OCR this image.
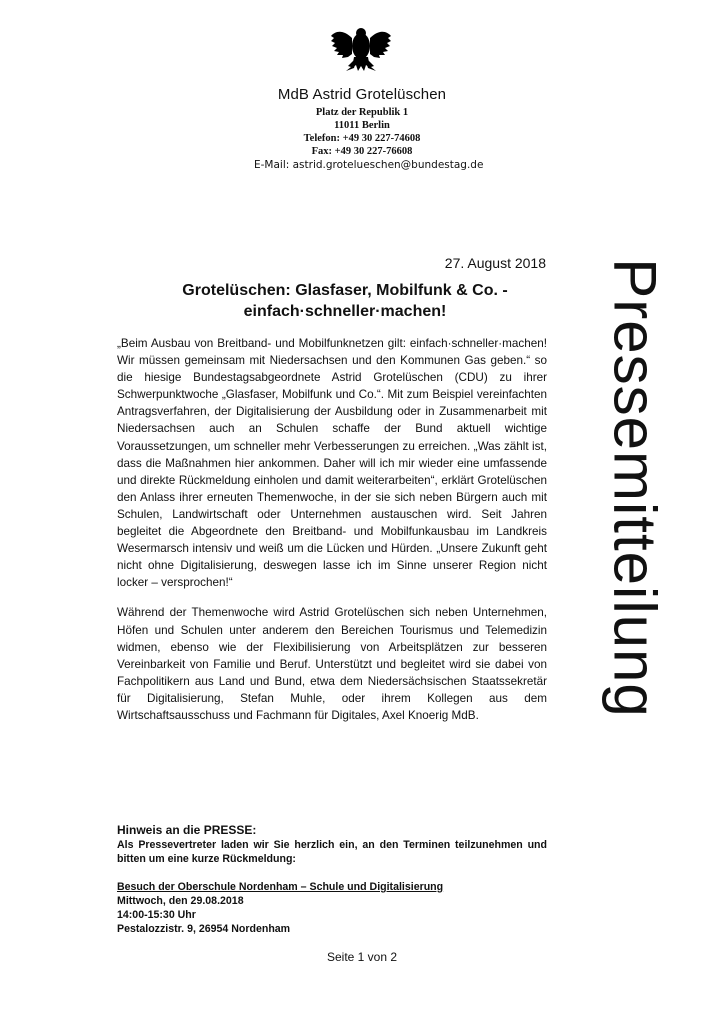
MdB Astrid Grotelüschen
Platz der Republik 1
11011 Berlin
Telefon: +49 30 227-74608
Fax: +49 30 227-76608
E-Mail: astrid.grotelueschen@bundestag.de
Pressemitteilung
27. August 2018
Grotelüschen: Glasfaser, Mobilfunk & Co. -
einfach·schneller·machen!

„Beim Ausbau von Breitband- und Mobilfunknetzen gilt: einfach·schneller·machen! Wir müssen gemeinsam mit Niedersachsen und den Kommunen Gas geben.“ so die hiesige Bundestagsabgeordnete Astrid Grotelüschen (CDU) zu ihrer Schwerpunktwoche „Glasfaser, Mobilfunk und Co.“. Mit zum Beispiel vereinfachten Antragsverfahren, der Digitalisierung der Ausbildung oder in Zusammenarbeit mit Niedersachsen auch an Schulen schaffe der Bund aktuell wichtige Voraussetzungen, um schneller mehr Verbesserungen zu erreichen. „Was zählt ist, dass die Maßnahmen hier ankommen. Daher will ich mir wieder eine umfassende und direkte Rückmeldung einholen und damit weiterarbeiten“, erklärt Grotelüschen den Anlass ihrer erneuten Themenwoche, in der sie sich neben Bürgern auch mit Schulen, Landwirtschaft oder Unternehmen austauschen wird. Seit Jahren begleitet die Abgeordnete den Breitband- und Mobilfunkausbau im Landkreis Wesermarsch intensiv und weiß um die Lücken und Hürden. „Unsere Zukunft geht nicht ohne Digitalisierung, deswegen lasse ich im Sinne unserer Region nicht locker – versprochen!“

Während der Themenwoche wird Astrid Grotelüschen sich neben Unternehmen, Höfen und Schulen unter anderem den Bereichen Tourismus und Telemedizin widmen, ebenso wie der Flexibilisierung von Arbeitsplätzen zur besseren Vereinbarkeit von Familie und Beruf. Unterstützt und begleitet wird sie dabei von Fachpolitikern aus Land und Bund, etwa dem Niedersächsischen Staatssekretär für Digitalisierung, Stefan Muhle, oder ihrem Kollegen aus dem Wirtschaftsausschuss und Fachmann für Digitales, Axel Knoerig MdB.

Hinweis an die PRESSE:
Als Pressevertreter laden wir Sie herzlich ein, an den Terminen teilzunehmen und bitten um eine kurze Rückmeldung:
Besuch der Oberschule Nordenham – Schule und Digitalisierung
Mittwoch, den 29.08.2018
14:00-15:30 Uhr
Pestalozzistr. 9, 26954 Nordenham
Seite 1 von 2
